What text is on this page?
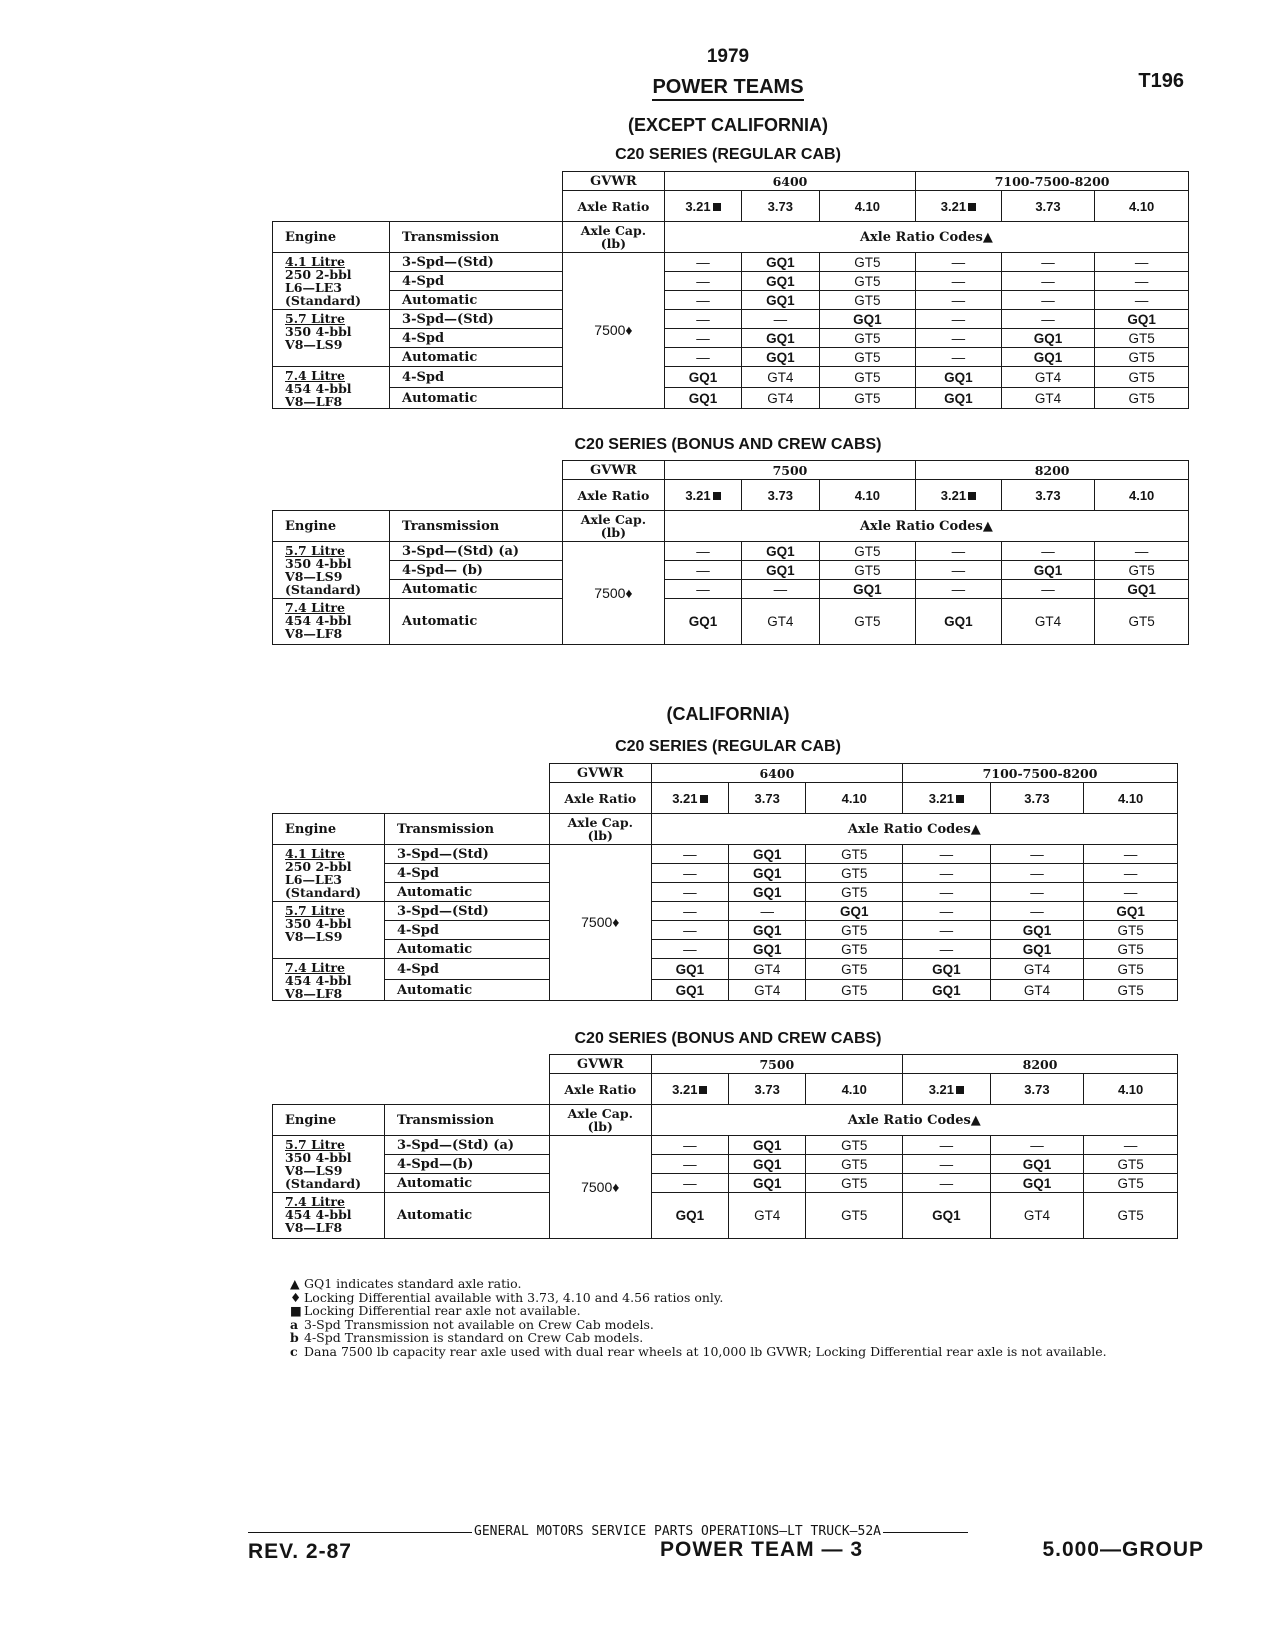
1979
POWER TEAMS	T196
(EXCEPT CALIFORNIA)
C20 SERIES (REGULAR CAB)
		GVWR	6400			7100-7500-8200		
		Axle Ratio	3.21	3.73	4.10	3.21	3.73	4.10
Engine	Transmission	Axle Cap. (lb)	Axle Ratio Codes▲					

4.1 Litre
250 2-bbl
L6—LE3
(Standard)	3-Spd—(Std)	7500♦	—	GQ1	GT5	—	—	—
	4-Spd		—	GQ1	GT5	—	—	—
	Automatic		—	GQ1	GT5	—	—	—

5.7 Litre
350 4-bbl
V8—LS9	3-Spd—(Std)		—	—	GQ1	—	—	GQ1
	4-Spd		—	GQ1	GT5	—	GQ1	GT5
	Automatic		—	GQ1	GT5	—	GQ1	GT5

7.4 Litre
454 4-bbl
V8—LF8	4-Spd		GQ1	GT4	GT5	GQ1	GT4	GT5
	Automatic		GQ1	GT4	GT5	GQ1	GT4	GT5
C20 SERIES (BONUS AND CREW CABS)
		GVWR	7500			8200		
		Axle Ratio	3.21	3.73	4.10	3.21	3.73	4.10
Engine	Transmission	Axle Cap. (lb)	Axle Ratio Codes▲					

5.7 Litre
350 4-bbl
V8—LS9
(Standard)	3-Spd—(Std) (a)	7500♦	—	GQ1	GT5	—	—	—
	4-Spd— (b)		—	GQ1	GT5	—	GQ1	GT5
	Automatic		—	—	GQ1	—	—	GQ1

7.4 Litre
454 4-bbl
V8—LF8	Automatic		GQ1	GT4	GT5	GQ1	GT4	GT5
(CALIFORNIA)
C20 SERIES (REGULAR CAB)
		GVWR	6400			7100-7500-8200		
		Axle Ratio	3.21	3.73	4.10	3.21	3.73	4.10
Engine	Transmission	Axle Cap. (lb)	Axle Ratio Codes▲					

4.1 Litre
250 2-bbl
L6—LE3
(Standard)	3-Spd—(Std)	7500♦	—	GQ1	GT5	—	—	—
	4-Spd		—	GQ1	GT5	—	—	—
	Automatic		—	GQ1	GT5	—	—	—

5.7 Litre
350 4-bbl
V8—LS9	3-Spd—(Std)		—	—	GQ1	—	—	GQ1
	4-Spd		—	GQ1	GT5	—	GQ1	GT5
	Automatic		—	GQ1	GT5	—	GQ1	GT5

7.4 Litre
454 4-bbl
V8—LF8	4-Spd		GQ1	GT4	GT5	GQ1	GT4	GT5
	Automatic		GQ1	GT4	GT5	GQ1	GT4	GT5
C20 SERIES (BONUS AND CREW CABS)
		GVWR	7500			8200		
		Axle Ratio	3.21	3.73	4.10	3.21	3.73	4.10
Engine	Transmission	Axle Cap. (lb)	Axle Ratio Codes▲					

5.7 Litre
350 4-bbl
V8—LS9
(Standard)	3-Spd—(Std) (a)	7500♦	—	GQ1	GT5	—	—	—
	4-Spd—(b)		—	GQ1	GT5	—	GQ1	GT5
	Automatic		—	GQ1	GT5	—	GQ1	GT5

7.4 Litre
454 4-bbl
V8—LF8	Automatic		GQ1	GT4	GT5	GQ1	GT4	GT5
▲ GQ1 indicates standard axle ratio.
♦ Locking Differential available with 3.73, 4.10 and 4.56 ratios only.
■ Locking Differential rear axle not available.
a 3-Spd Transmission not available on Crew Cab models.
b 4-Spd Transmission is standard on Crew Cab models.
c Dana 7500 lb capacity rear axle used with dual rear wheels at 10,000 lb GVWR; Locking Differential rear axle is not available.
GENERAL MOTORS SERVICE PARTS OPERATIONS—LT TRUCK—52A
REV. 2-87	POWER TEAM — 3	5.000—GROUP
